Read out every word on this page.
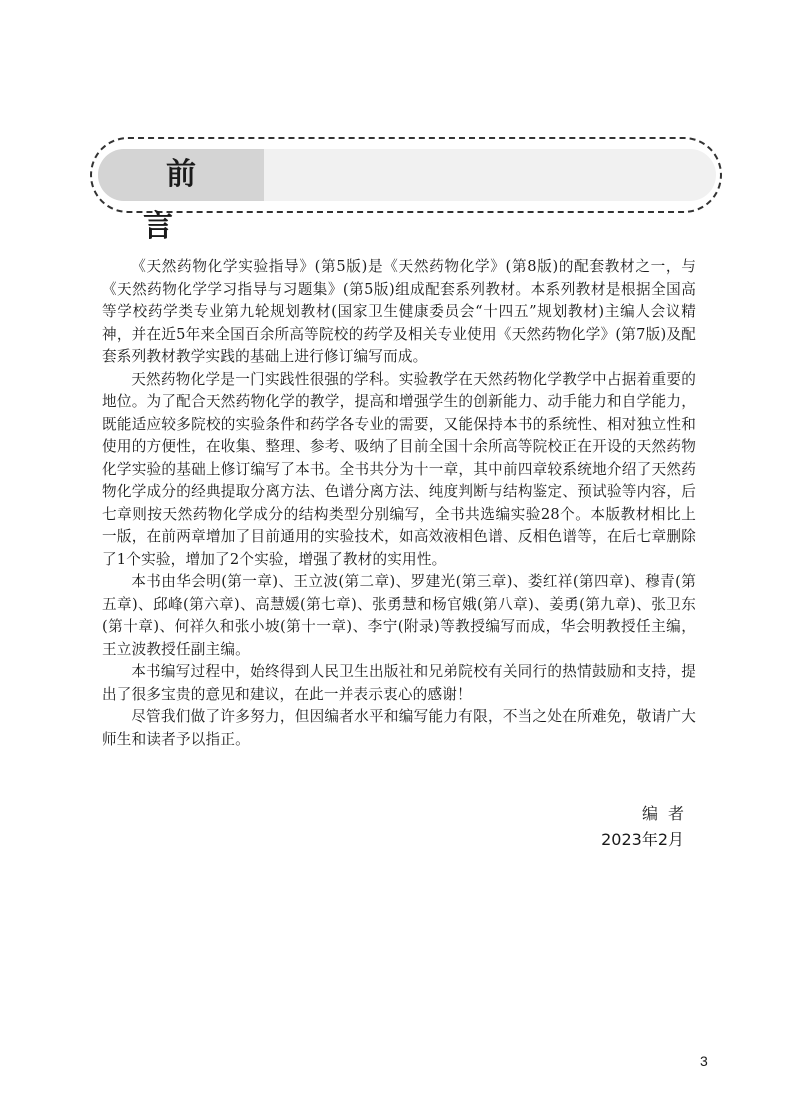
前言

《天然药物化学实验指导》(第5版)是《天然药物化学》(第8版)的配套教材之一，与《天然药物化学学习指导与习题集》(第5版)组成配套系列教材。本系列教材是根据全国高等学校药学类专业第九轮规划教材(国家卫生健康委员会“十四五”规划教材)主编人会议精神，并在近5年来全国百余所高等院校的药学及相关专业使用《天然药物化学》(第7版)及配套系列教材教学实践的基础上进行修订编写而成。

天然药物化学是一门实践性很强的学科。实验教学在天然药物化学教学中占据着重要的地位。为了配合天然药物化学的教学，提高和增强学生的创新能力、动手能力和自学能力，既能适应较多院校的实验条件和药学各专业的需要，又能保持本书的系统性、相对独立性和使用的方便性，在收集、整理、参考、吸纳了目前全国十余所高等院校正在开设的天然药物化学实验的基础上修订编写了本书。全书共分为十一章，其中前四章较系统地介绍了天然药物化学成分的经典提取分离方法、色谱分离方法、纯度判断与结构鉴定、预试验等内容，后七章则按天然药物化学成分的结构类型分别编写，全书共选编实验28个。本版教材相比上一版，在前两章增加了目前通用的实验技术，如高效液相色谱、反相色谱等，在后七章删除了1个实验，增加了2个实验，增强了教材的实用性。

本书由华会明(第一章)、王立波(第二章)、罗建光(第三章)、娄红祥(第四章)、穆青(第五章)、邱峰(第六章)、高慧媛(第七章)、张勇慧和杨官娥(第八章)、姜勇(第九章)、张卫东(第十章)、何祥久和张小坡(第十一章)、李宁(附录)等教授编写而成，华会明教授任主编，王立波教授任副主编。

本书编写过程中，始终得到人民卫生出版社和兄弟院校有关同行的热情鼓励和支持，提出了很多宝贵的意见和建议，在此一并表示衷心的感谢！

尽管我们做了许多努力，但因编者水平和编写能力有限，不当之处在所难免，敬请广大师生和读者予以指正。

编者
2023年2月
3
